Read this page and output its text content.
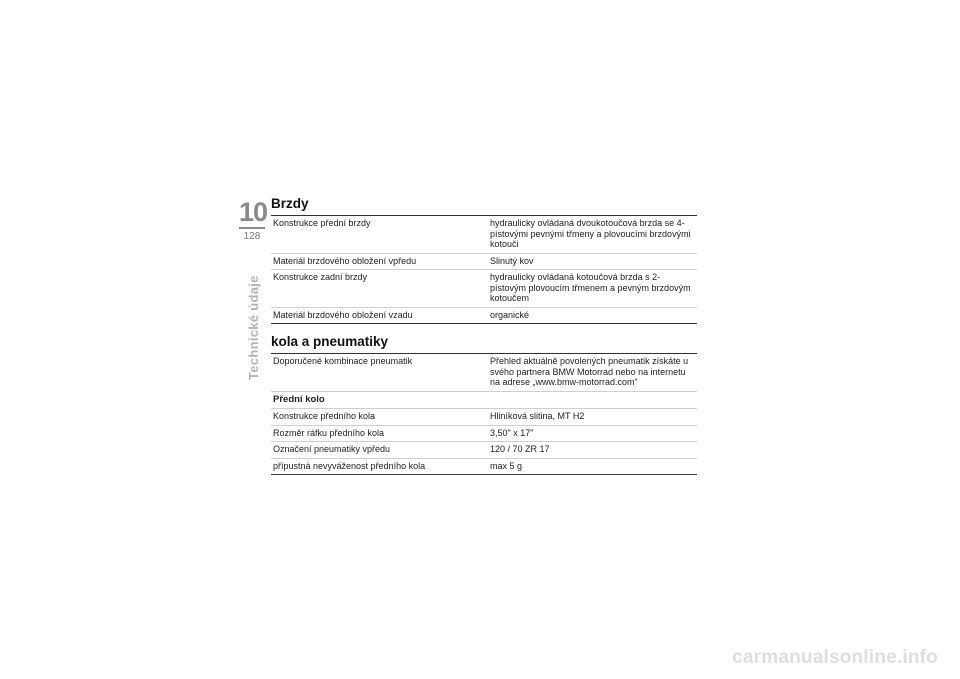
10
128
Technické údaje
Brzdy
Konstrukce přední brzdy	hydraulicky ovládaná dvoukotoučová brzda se 4-pístovými pevnými třmeny a plovoucími brzdovými kotouči
Materiál brzdového obložení vpředu	Slinutý kov
Konstrukce zadní brzdy	hydraulicky ovládaná kotoučová brzda s 2-pístovým plovoucím třmenem a pevným brzdovým kotoučem
Materiál brzdového obložení vzadu	organické
kola a pneumatiky
Doporučené kombinace pneumatik	Přehled aktuálně povolených pneumatik získáte u svého partnera BMW Motorrad nebo na internetu na adrese „www.bmw-motorrad.com“
Přední kolo	
Konstrukce předního kola	Hliníková slitina, MT H2
Rozměr ráfku předního kola	3,50" x 17"
Označení pneumatiky vpředu	120 / 70 ZR 17
přípustná nevyváženost předního kola	max 5 g
carmanualsonline.info
